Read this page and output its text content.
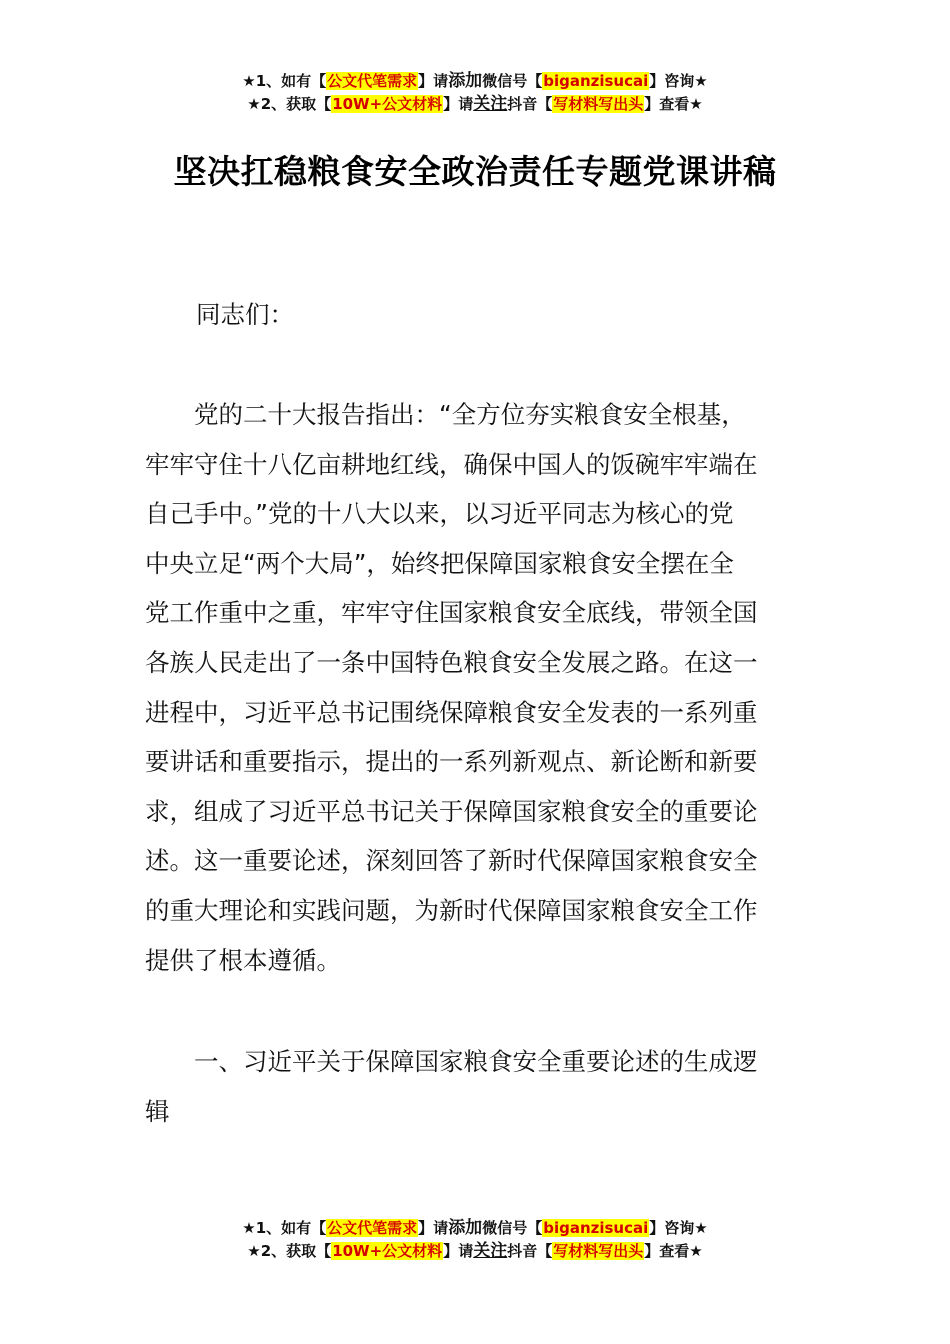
★1、如有【公文代笔需求】请添加微信号【biganzisucai】咨询★
★2、获取【10W+公文材料】请关注抖音【写材料写出头】查看★
坚决扛稳粮食安全政治责任专题党课讲稿
同志们：
　　党的二十大报告指出：“全方位夯实粮食安全根基，
牢牢守住十八亿亩耕地红线，确保中国人的饭碗牢牢端在
自己手中。”党的十八大以来，以习近平同志为核心的党
中央立足“两个大局”，始终把保障国家粮食安全摆在全
党工作重中之重，牢牢守住国家粮食安全底线，带领全国
各族人民走出了一条中国特色粮食安全发展之路。在这一
进程中，习近平总书记围绕保障粮食安全发表的一系列重
要讲话和重要指示，提出的一系列新观点、新论断和新要
求，组成了习近平总书记关于保障国家粮食安全的重要论
述。这一重要论述，深刻回答了新时代保障国家粮食安全
的重大理论和实践问题，为新时代保障国家粮食安全工作
提供了根本遵循。
　　一、习近平关于保障国家粮食安全重要论述的生成逻
辑
★1、如有【公文代笔需求】请添加微信号【biganzisucai】咨询★
★2、获取【10W+公文材料】请关注抖音【写材料写出头】查看★
